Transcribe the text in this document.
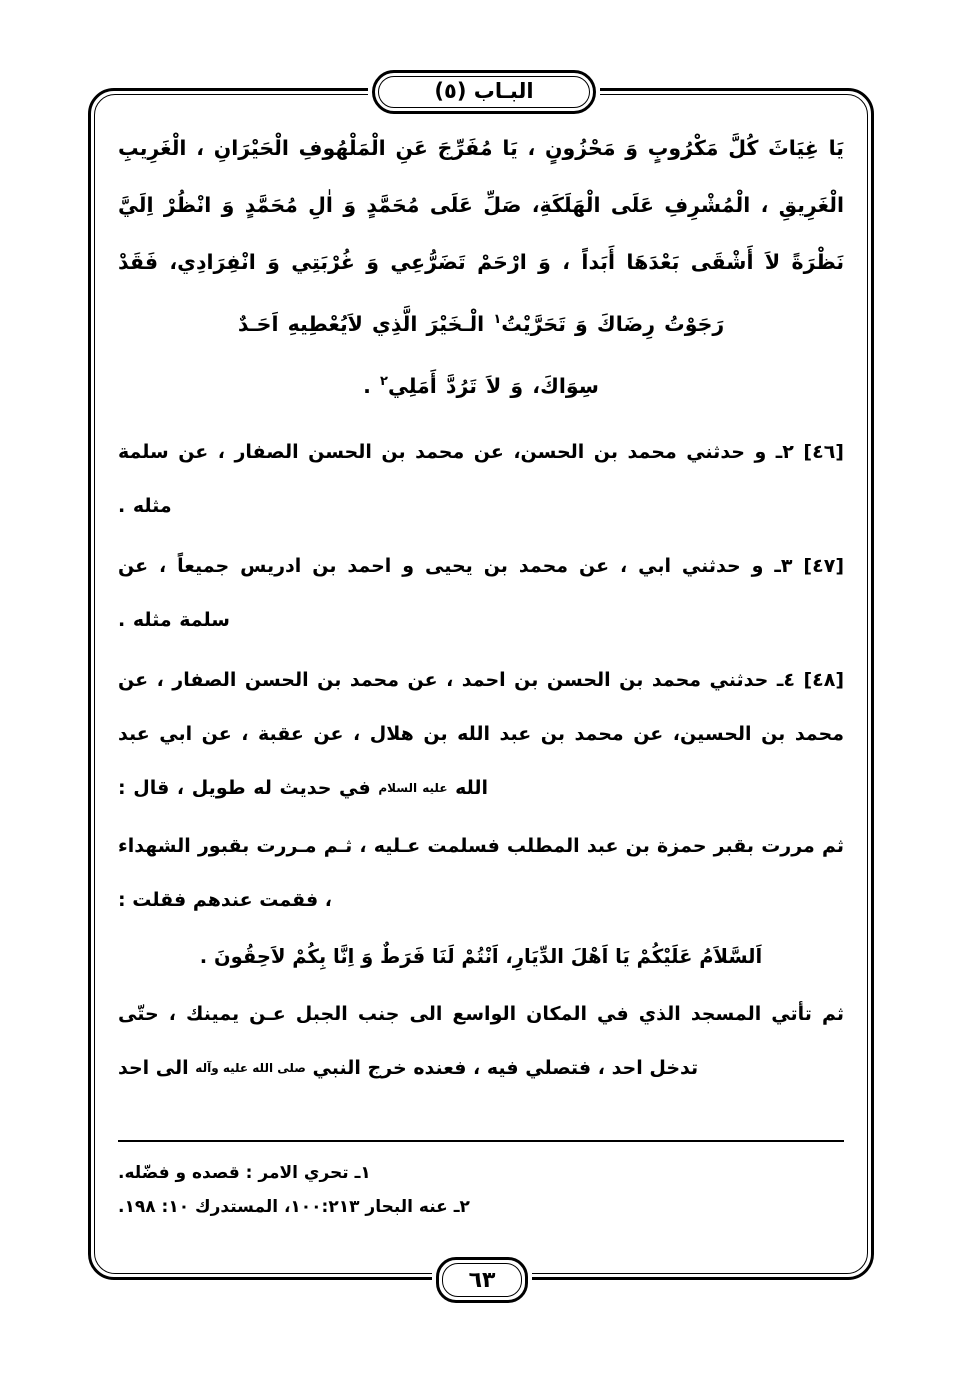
البـاب (٥)
يَا غِيَاثَ كُلَّ مَكْرُوبٍ وَ مَحْزُونٍ ، يَا مُفَرِّجَ عَنِ الْمَلْهُوفِ الْحَيْرَانِ ، الْغَرِيبِ الْغَرِيقِ ، الْمُشْرِفِ عَلَى الْهَلَكَةِ، صَلِّ عَلَى مُحَمَّدٍ وَ اٰلِ مُحَمَّدٍ وَ انْظُرْ اِلَيَّ نَظْرَةً لاَ أَشْقَى بَعْدَهَا أَبَداً ، وَ ارْحَمْ تَضَرُّعِي وَ غُرْبَتِي وَ انْفِرَادِي، فَقَدْ رَجَوْتُ رِضَاكَ وَ تَحَرَّيْتُ$^١$ الْـخَيْرَ الَّذِي لاَيُعْطِيهِ اَحَـدٌ
سِوَاكَ، وَ لاَ تَرُدَّ أَمَلِي$^٢$ .
[٤٦] ٢ـ و حدثني محمد بن الحسن، عن محمد بن الحسن الصفار ، عن سلمة مثله .
[٤٧] ٣ـ و حدثني ابي ، عن محمد بن يحيى و احمد بن ادريس جميعاً ، عن سلمة مثله .
[٤٨] ٤ـ حدثني محمد بن الحسن بن احمد ، عن محمد بن الحسن الصفار ، عن محمد بن الحسين، عن محمد بن عبد الله بن هلال ، عن عقبة ، عن ابي عبد الله عليه السلام في حديث له طويل ، قال :
ثم مررت بقبر حمزة بن عبد المطلب فسلمت عـليه ، ثـم مـررت بقبور الشهداء ، فقمت عندهم فقلت :
اَلسَّلاَمُ عَلَيْكُمْ يَا اَهْلَ الدِّيَارِ، اَنْتُمْ لَنَا فَرَطٌ وَ اِنَّا بِكُمْ لاَحِقُونَ .
ثم تأتي المسجد الذي في المكان الواسع الى جنب الجبل عـن يمينك ، حتّى تدخل احد ، فتصلي فيه ، فعنده خرج النبي صلى الله عليه وآله الى احد
١ـ تحري الامر : قصده و فضّله.
٢ـ عنه البحار ١٠٠:٢١٣، المستدرك ١٠: ١٩٨.
٦٣
